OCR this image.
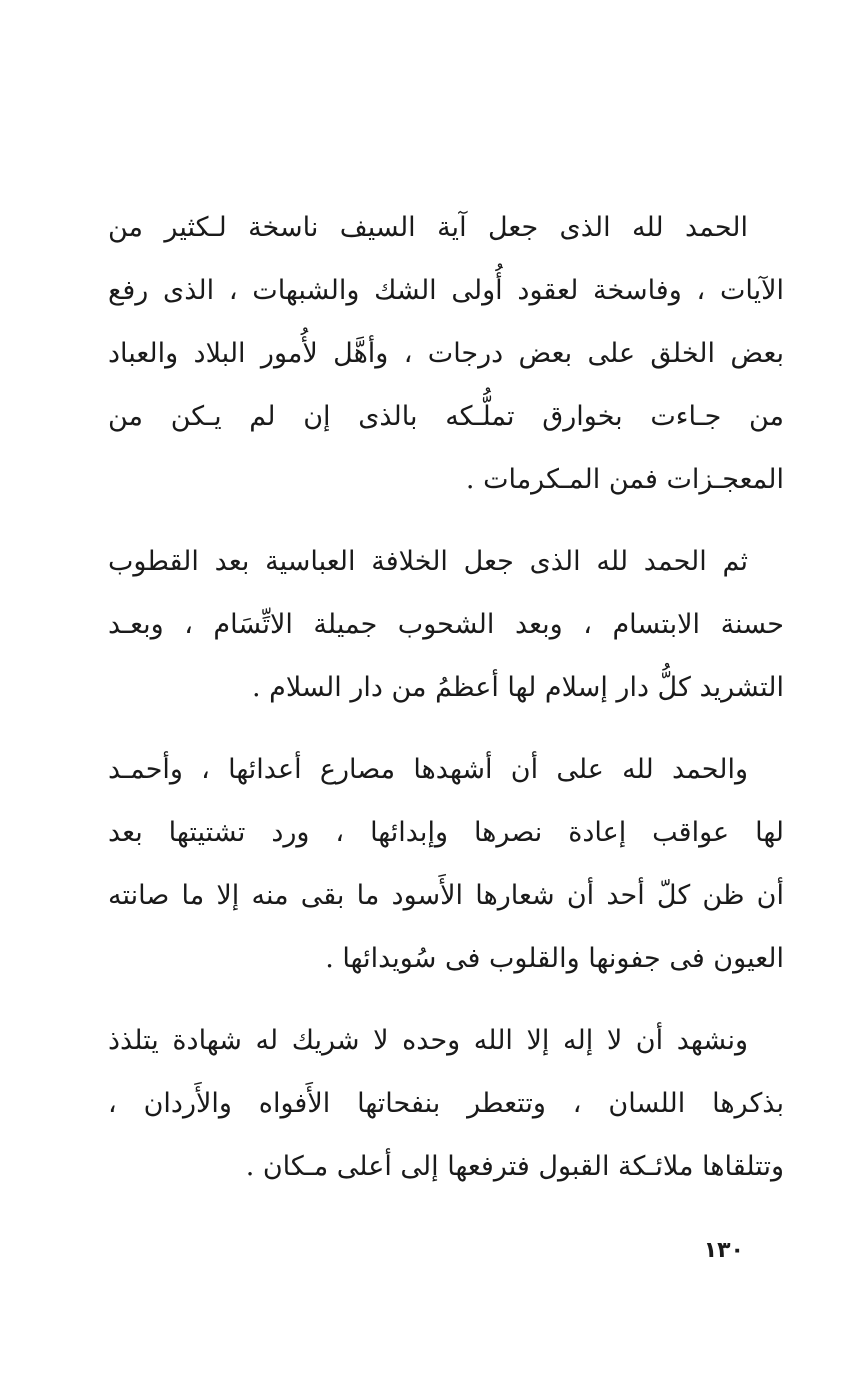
الحمد لله الذى جعل آية السيف ناسخة لـكثير من
الآيات ، وفاسخة لعقود أُولى الشك والشبهات ، الذى رفع
بعض الخلق على بعض درجات ، وأهَّل لأُمور البلاد والعباد
من جـاءت بخوارق تملُّـكه بالذى إن لم يـكن من
المعجـزات فمن المـكرمات .
ثم الحمد لله الذى جعل الخلافة العباسية بعد القطوب
حسنة الابتسام ، وبعد الشحوب جميلة الاتِّسَام ، وبعـد
التشريد كلُّ دار إسلام لها أعظمُ من دار السلام .
والحمد لله على أن أشهدها مصارع أعدائها ، وأحمـد
لها عواقب إعادة نصرها وإبدائها ، ورد تشتيتها بعد
أن ظن كلّ أحد أن شعارها الأَسود ما بقى منه إلا ما صانته
العيون فى جفونها والقلوب فى سُويدائها .
ونشهد أن لا إله إلا الله وحده لا شريك له شهادة يتلذذ
بذكرها اللسان ، وتتعطر بنفحاتها الأَفواه والأَردان ،
وتتلقاها ملائـكة القبول فترفعها إلى أعلى مـكان .
١٣٠
